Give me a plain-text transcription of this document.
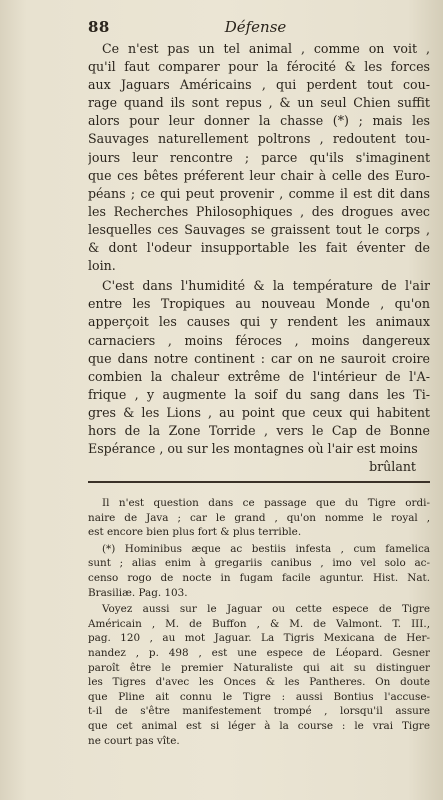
88	Défense
Ce n'est pas un tel animal , comme on voit ,
qu'il faut comparer pour la férocité & les forces
aux Jaguars Américains , qui perdent tout cou-
rage quand ils sont repus , & un seul Chien suffit
alors pour leur donner la chasse (*) ; mais les
Sauvages naturellement poltrons , redoutent tou-
jours leur rencontre ; parce qu'ils s'imaginent
que ces bêtes préferent leur chair à celle des Euro-
péans ; ce qui peut provenir , comme il est dit dans
les Recherches Philosophiques , des drogues avec
lesquelles ces Sauvages se graissent tout le corps ,
& dont l'odeur insupportable les fait éventer de
loin.
C'est dans l'humidité & la température de l'air
entre les Tropiques au nouveau Monde , qu'on
apperçoit les causes qui y rendent les animaux
carnaciers , moins féroces , moins dangereux
que dans notre continent : car on ne sauroit croire
combien la chaleur extrême de l'intérieur de l'A-
frique , y augmente la soif du sang dans les Ti-
gres & les Lions , au point que ceux qui habitent
hors de la Zone Torride , vers le Cap de Bonne
Espérance , ou sur les montagnes où l'air est moins
brûlant
Il n'est question dans ce passage que du Tigre ordi-
naire de Java ; car le grand , qu'on nomme le royal ,
est encore bien plus fort & plus terrible.
(*) Hominibus æque ac bestiis infesta , cum famelica
sunt ; alias enim à gregariis canibus , imo vel solo ac-
censo rogo de nocte in fugam facile aguntur. Hist. Nat.
Brasiliæ. Pag. 103.
Voyez aussi sur le Jaguar ou cette espece de Tigre
Américain , M. de Buffon , & M. de Valmont. T. III.,
pag. 120 , au mot Jaguar. La Tigris Mexicana de Her-
nandez , p. 498 , est une espece de Léopard. Gesner
paroît être le premier Naturaliste qui ait su distinguer
les Tigres d'avec les Onces & les Pantheres. On doute
que Pline ait connu le Tigre : aussi Bontius l'accuse-
t-il de s'être manifestement trompé , lorsqu'il assure
que cet animal est si léger à la course : le vrai Tigre
ne court pas vîte.
